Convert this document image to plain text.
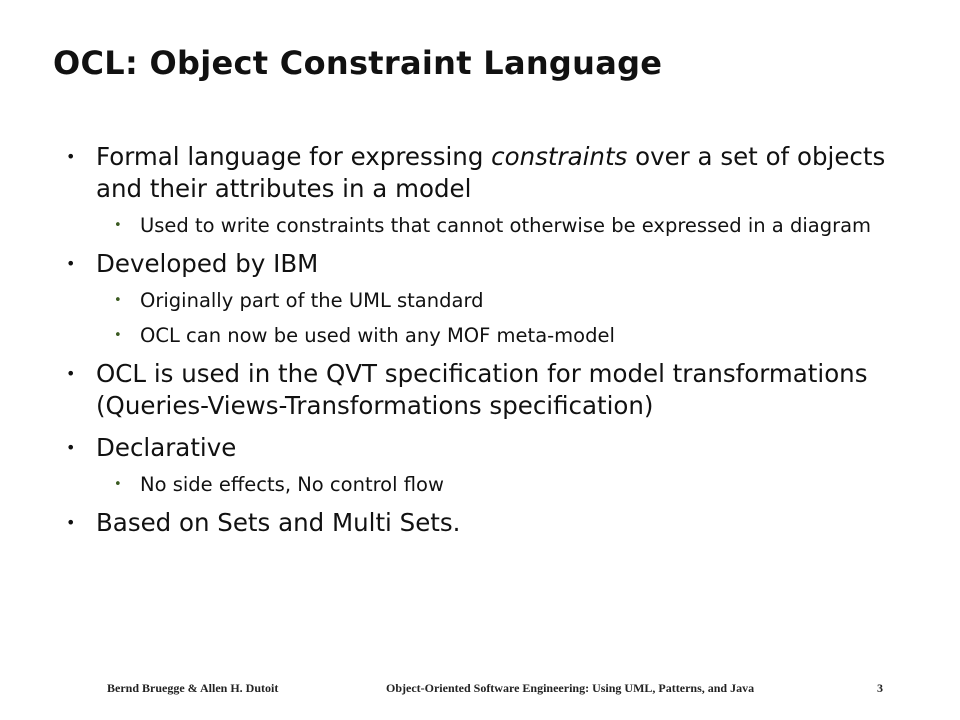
OCL: Object Constraint Language
• Formal language for expressing constraints over a set of objects and their attributes in a model
• Used to write constraints that cannot otherwise be expressed in a diagram
• Developed by IBM
• Originally part of the UML standard
• OCL can now be used with any MOF meta-model
• OCL is used in the QVT specification for model transformations (Queries-Views-Transformations specification)
• Declarative
• No side effects, No control flow
• Based on Sets and Multi Sets.
Bernd Bruegge & Allen H. Dutoit	Object-Oriented Software Engineering: Using UML, Patterns, and Java	3
